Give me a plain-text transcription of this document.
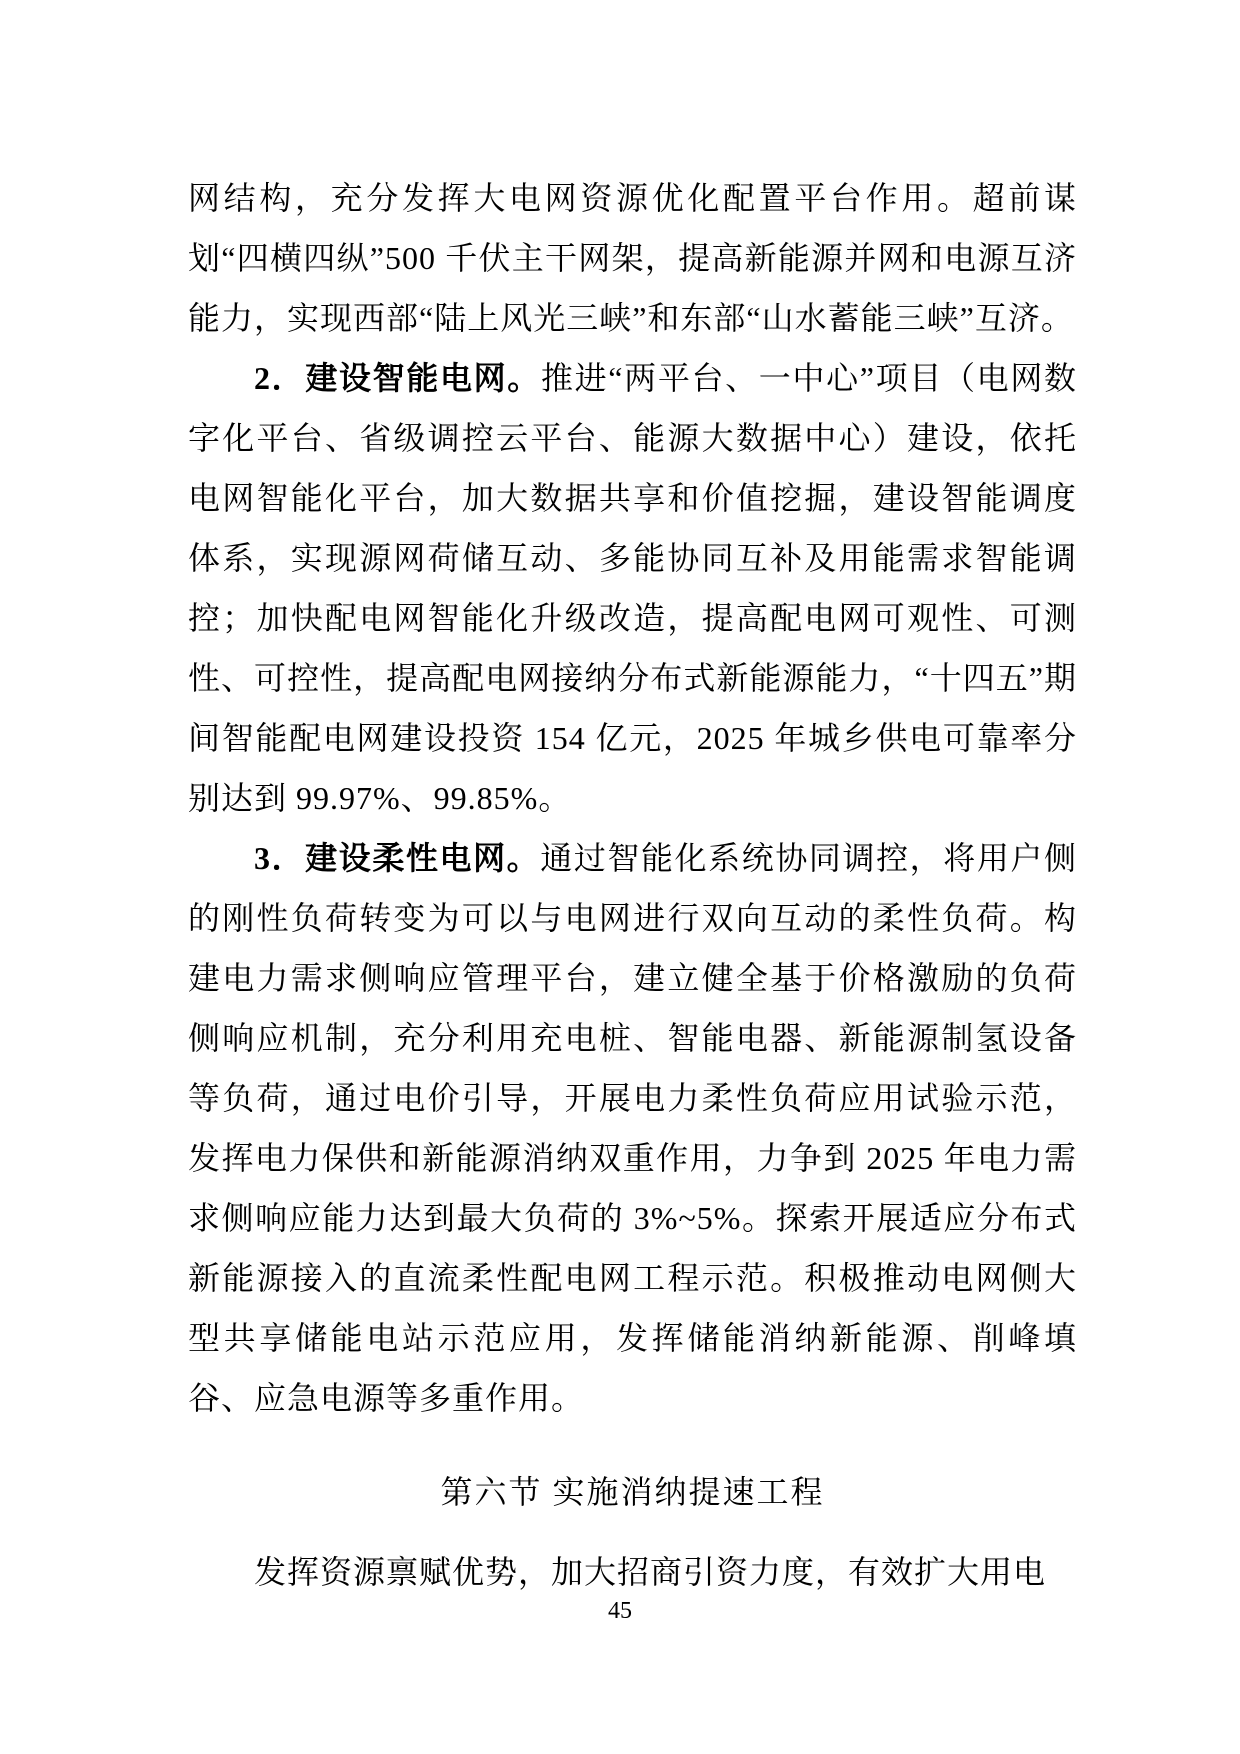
网结构，充分发挥大电网资源优化配置平台作用。超前谋划“四横四纵”500 千伏主干网架，提高新能源并网和电源互济能力，实现西部“陆上风光三峡”和东部“山水蓄能三峡”互济。

2．建设智能电网。推进“两平台、一中心”项目（电网数字化平台、省级调控云平台、能源大数据中心）建设，依托电网智能化平台，加大数据共享和价值挖掘，建设智能调度体系，实现源网荷储互动、多能协同互补及用能需求智能调控；加快配电网智能化升级改造，提高配电网可观性、可测性、可控性，提高配电网接纳分布式新能源能力，“十四五”期间智能配电网建设投资 154 亿元，2025 年城乡供电可靠率分别达到 99.97%、99.85%。

3．建设柔性电网。通过智能化系统协同调控，将用户侧的刚性负荷转变为可以与电网进行双向互动的柔性负荷。构建电力需求侧响应管理平台，建立健全基于价格激励的负荷侧响应机制，充分利用充电桩、智能电器、新能源制氢设备等负荷，通过电价引导，开展电力柔性负荷应用试验示范，发挥电力保供和新能源消纳双重作用，力争到 2025 年电力需求侧响应能力达到最大负荷的 3%~5%。探索开展适应分布式新能源接入的直流柔性配电网工程示范。积极推动电网侧大型共享储能电站示范应用，发挥储能消纳新能源、削峰填谷、应急电源等多重作用。

第六节 实施消纳提速工程

发挥资源禀赋优势，加大招商引资力度，有效扩大用电

45
